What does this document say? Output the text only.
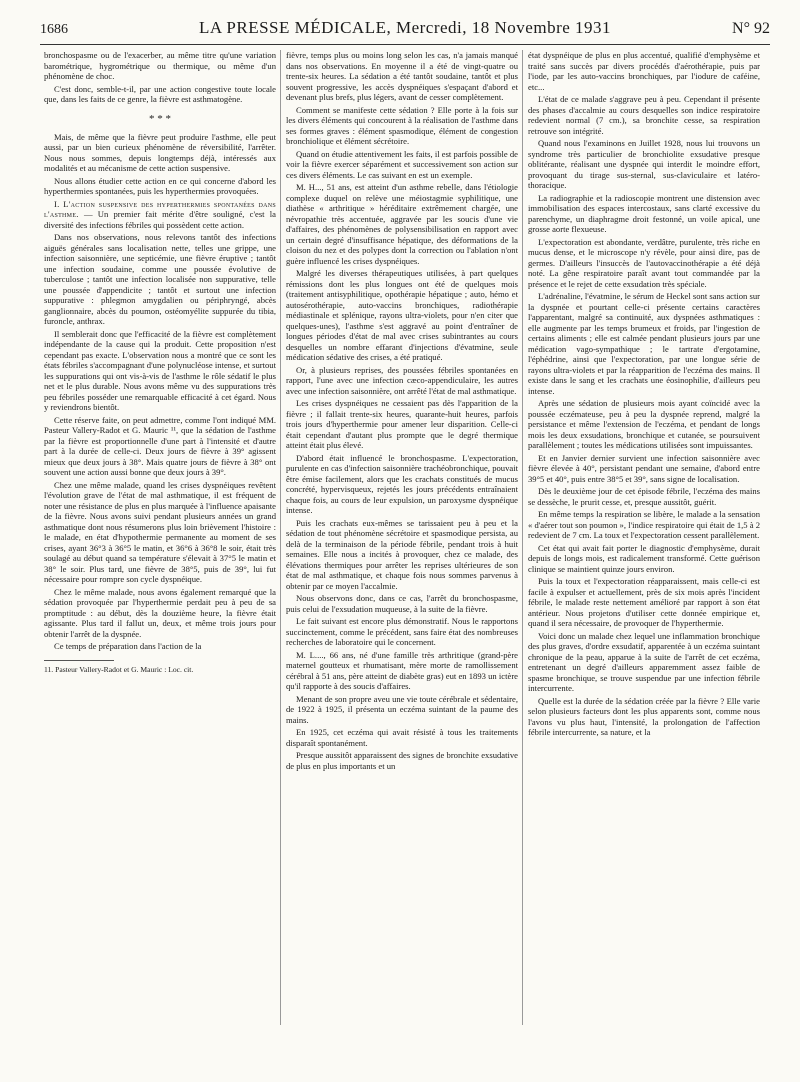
1686	LA PRESSE MÉDICALE, Mercredi, 18 Novembre 1931	N° 92

bronchospasme ou de l'exacerber, au même titre qu'une variation barométrique, hygrométrique ou thermique, ou même d'un phénomène de choc.

C'est donc, semble-t-il, par une action congestive toute locale que, dans les faits de ce genre, la fièvre est asthmatogène.

* * *

Mais, de même que la fièvre peut produire l'asthme, elle peut aussi, par un bien curieux phénomène de réversibilité, l'arrêter. Nous nous sommes, depuis longtemps déjà, intéressés aux modalités et au mécanisme de cette action suspensive.

Nous allons étudier cette action en ce qui concerne d'abord les hyperthermies spontanées, puis les hyperthermies provoquées.

I. L'action suspensive des hyperthermies spontanées dans l'asthme. — Un premier fait mérite d'être souligné, c'est la diversité des infections fébriles qui possèdent cette action.

Dans nos observations, nous relevons tantôt des infections aiguës générales sans localisation nette, telles une grippe, une infection saisonnière, une septicémie, une fièvre éruptive ; tantôt une infection soudaine, comme une poussée évolutive de tuberculose ; tantôt une infection localisée non suppurative, telle une poussée d'appendicite ; tantôt et surtout une infection suppurative : phlegmon amygdalien ou périphryngé, abcès ganglionnaire, abcès du poumon, ostéomyélite suppurée du tibia, furoncle, anthrax.

Il semblerait donc que l'efficacité de la fièvre est complètement indépendante de la cause qui la produit. Cette proposition n'est cependant pas exacte. L'observation nous a montré que ce sont les états fébriles s'accompagnant d'une polynucléose intense, et surtout les suppurations qui ont vis-à-vis de l'asthme le rôle sédatif le plus net et le plus durable. Nous avons même vu des suppurations très peu fébriles posséder une remarquable efficacité à cet égard. Nous y reviendrons bientôt.

Cette réserve faite, on peut admettre, comme l'ont indiqué MM. Pasteur Vallery-Radot et G. Mauric ¹¹, que la sédation de l'asthme par la fièvre est proportionnelle d'une part à l'intensité et d'autre part à la durée de celle-ci. Deux jours de fièvre à 39° agissent mieux que deux jours à 38°. Mais quatre jours de fièvre à 38° ont souvent une action aussi bonne que deux jours à 39°.

Chez une même malade, quand les crises dyspnéiques revêtent l'évolution grave de l'état de mal asthmatique, il est fréquent de noter une résistance de plus en plus marquée à l'influence apaisante de la fièvre. Nous avons suivi pendant plusieurs années un grand asthmatique dont nous résumerons plus loin brièvement l'histoire : le malade, en état d'hypothermie permanente au moment de ses crises, ayant 36°3 à 36°5 le matin, et 36°6 à 36°8 le soir, était très soulagé au début quand sa température s'élevait à 37°5 le matin et 38° le soir. Plus tard, une fièvre de 38°5, puis de 39°, lui fut nécessaire pour rompre son cycle dyspnéique.

Chez le même malade, nous avons également remarqué que la sédation provoquée par l'hyperthermie perdait peu à peu de sa promptitude : au début, dès la douzième heure, la fièvre était agissante. Plus tard il fallut un, deux, et même trois jours pour obtenir l'arrêt de la dyspnée.

Ce temps de préparation dans l'action de la

11. Pasteur Vallery-Radot et G. Mauric : Loc. cit.

fièvre, temps plus ou moins long selon les cas, n'a jamais manqué dans nos observations. En moyenne il a été de vingt-quatre ou trente-six heures. La sédation a été tantôt soudaine, tantôt et plus souvent progressive, les accès dyspnéiques s'espaçant d'abord et devenant plus brefs, plus légers, avant de cesser complètement.

Comment se manifeste cette sédation ? Elle porte à la fois sur les divers éléments qui concourent à la réalisation de l'asthme dans ses formes graves : élément spasmodique, élément de congestion bronchiolique et élément sécrétoire.

Quand on étudie attentivement les faits, il est parfois possible de voir la fièvre exercer séparément et successivement son action sur ces divers éléments. Le cas suivant en est un exemple.

M. H..., 51 ans, est atteint d'un asthme rebelle, dans l'étiologie complexe duquel on relève une méiostagmie syphilitique, une diathèse « arthritique » héréditaire extrêmement chargée, une névropathie très accentuée, aggravée par les soucis d'une vie d'affaires, des phénomènes de polysensibilisation en rapport avec un certain degré d'insuffisance hépatique, des déformations de la cloison du nez et des polypes dont la correction ou l'ablation n'ont guère influencé les crises dyspnéiques.

Malgré les diverses thérapeutiques utilisées, à part quelques rémissions dont les plus longues ont été de quelques mois (traitement antisyphilitique, opothérapie hépatique ; auto, hémo et autosérothérapie, auto-vaccins bronchiques, radiothérapie médiastinale et splénique, rayons ultra-violets, pour n'en citer que quelques-unes), l'asthme s'est aggravé au point d'entraîner de longues périodes d'état de mal avec crises subintrantes au cours desquelles un nombre effarant d'injections d'évatmine, seule médication sédative des crises, a été pratiqué.

Or, à plusieurs reprises, des poussées fébriles spontanées en rapport, l'une avec une infection cæco-appendiculaire, les autres avec une infection saisonnière, ont arrêté l'état de mal asthmatique.

Les crises dyspnéiques ne cessaient pas dès l'apparition de la fièvre ; il fallait trente-six heures, quarante-huit heures, parfois trois jours d'hyperthermie pour amener leur disparition. Celle-ci était cependant d'autant plus prompte que le degré thermique atteint était plus élevé.

D'abord était influencé le bronchospasme. L'expectoration, purulente en cas d'infection saisonnière trachéobronchique, pouvait être émise facilement, alors que les crachats constitués de mucus concrété, hypervisqueux, rejetés les jours précédents entraînaient chaque fois, au cours de leur expulsion, un paroxysme dyspnéique intense.

Puis les crachats eux-mêmes se tarissaient peu à peu et la sédation de tout phénomène sécrétoire et spasmodique persista, au delà de la terminaison de la période fébrile, pendant trois à huit semaines. Elle nous a incités à provoquer, chez ce malade, des élévations thermiques pour arrêter les reprises ultérieures de son état de mal asthmatique, et chaque fois nous sommes parvenus à obtenir par ce moyen l'accalmie.

Nous observons donc, dans ce cas, l'arrêt du bronchospasme, puis celui de l'exsudation muqueuse, à la suite de la fièvre.

Le fait suivant est encore plus démonstratif. Nous le rapportons succinctement, comme le précédent, sans faire état des nombreuses recherches de laboratoire qui le concernent.

M. L...., 66 ans, né d'une famille très arthritique (grand-père maternel goutteux et rhumatisant, mère morte de ramollissement cérébral à 51 ans, père atteint de diabète gras) eut en 1893 un ictère qu'il rapporte à des soucis d'affaires.

Menant de son propre aveu une vie toute cérébrale et sédentaire, de 1922 à 1925, il présenta un eczéma suintant de la paume des mains.

En 1925, cet eczéma qui avait résisté à tous les traitements disparaît spontanément.

Presque aussitôt apparaissent des signes de bronchite exsudative de plus en plus importants et un

état dyspnéique de plus en plus accentué, qualifié d'emphysème et traité sans succès par divers procédés d'aérothérapie, puis par l'iode, par les auto-vaccins bronchiques, par l'iodure de caféine, etc...

L'état de ce malade s'aggrave peu à peu. Cependant il présente des phases d'accalmie au cours desquelles son indice respiratoire redevient normal (7 cm.), sa bronchite cesse, sa respiration retrouve son intégrité.

Quand nous l'examinons en Juillet 1928, nous lui trouvons un syndrome très particulier de bronchiolite exsudative presque oblitérante, réalisant une dyspnée qui interdit le moindre effort, provoquant du tirage sus-sternal, sus-claviculaire et latéro-thoracique.

La radiographie et la radioscopie montrent une distension avec immobilisation des espaces intercostaux, sans clarté excessive du parenchyme, un diaphragme droit festonné, un voile apical, une grosse aorte flexueuse.

L'expectoration est abondante, verdâtre, purulente, très riche en mucus dense, et le microscope n'y révèle, pour ainsi dire, pas de germes. D'ailleurs l'insuccès de l'autovaccinothérapie a été déjà noté. La gêne respiratoire paraît avant tout commandée par la présence et le rejet de cette exsudation très spéciale.

L'adrénaline, l'évatmine, le sérum de Heckel sont sans action sur la dyspnée et pourtant celle-ci présente certains caractères l'apparentant, malgré sa continuité, aux dyspnées asthmatiques : elle augmente par les temps brumeux et froids, par l'ingestion de certains aliments ; elle est calmée pendant plusieurs jours par une médication vago-sympathique ; le tartrate d'ergotamine, l'éphédrine, ainsi que l'expectoration, par une longue série de rayons ultra-violets et par la réapparition de l'eczéma des mains. Il existe dans le sang et les crachats une éosinophilie, d'ailleurs peu intense.

Après une sédation de plusieurs mois ayant coïncidé avec la poussée eczémateuse, peu à peu la dyspnée reprend, malgré la persistance et même l'extension de l'eczéma, et pendant de longs mois les deux exsudations, bronchique et cutanée, se poursuivent parallèlement ; toutes les médications utilisées sont impuissantes.

Et en Janvier dernier survient une infection saisonnière avec fièvre élevée à 40°, persistant pendant une semaine, d'abord entre 39°5 et 40°, puis entre 38°5 et 39°, sans signe de localisation.

Dès le deuxième jour de cet épisode fébrile, l'eczéma des mains se dessèche, le prurit cesse, et, presque aussitôt, guérit.

En même temps la respiration se libère, le malade a la sensation « d'aérer tout son poumon », l'indice respiratoire qui était de 1,5 à 2 redevient de 7 cm. La toux et l'expectoration cessent parallèlement.

Cet état qui avait fait porter le diagnostic d'emphysème, durait depuis de longs mois, est radicalement transformé. Cette guérison clinique se maintient quinze jours environ.

Puis la toux et l'expectoration réapparaissent, mais celle-ci est facile à expulser et actuellement, près de six mois après l'incident fébrile, le malade reste nettement amélioré par rapport à son état antérieur. Nous projetons d'utiliser cette donnée empirique et, quand il sera nécessaire, de provoquer de l'hyperthermie.

Voici donc un malade chez lequel une inflammation bronchique des plus graves, d'ordre exsudatif, apparentée à un eczéma suintant chronique de la peau, apparue à la suite de l'arrêt de cet eczéma, entretenant un degré d'ailleurs apparemment assez faible de spasme bronchique, se trouve suspendue par une infection fébrile intercurrente.

Quelle est la durée de la sédation créée par la fièvre ? Elle varie selon plusieurs facteurs dont les plus apparents sont, comme nous l'avons vu plus haut, l'intensité, la prolongation de l'affection fébrile intercurrente, sa nature, et la
